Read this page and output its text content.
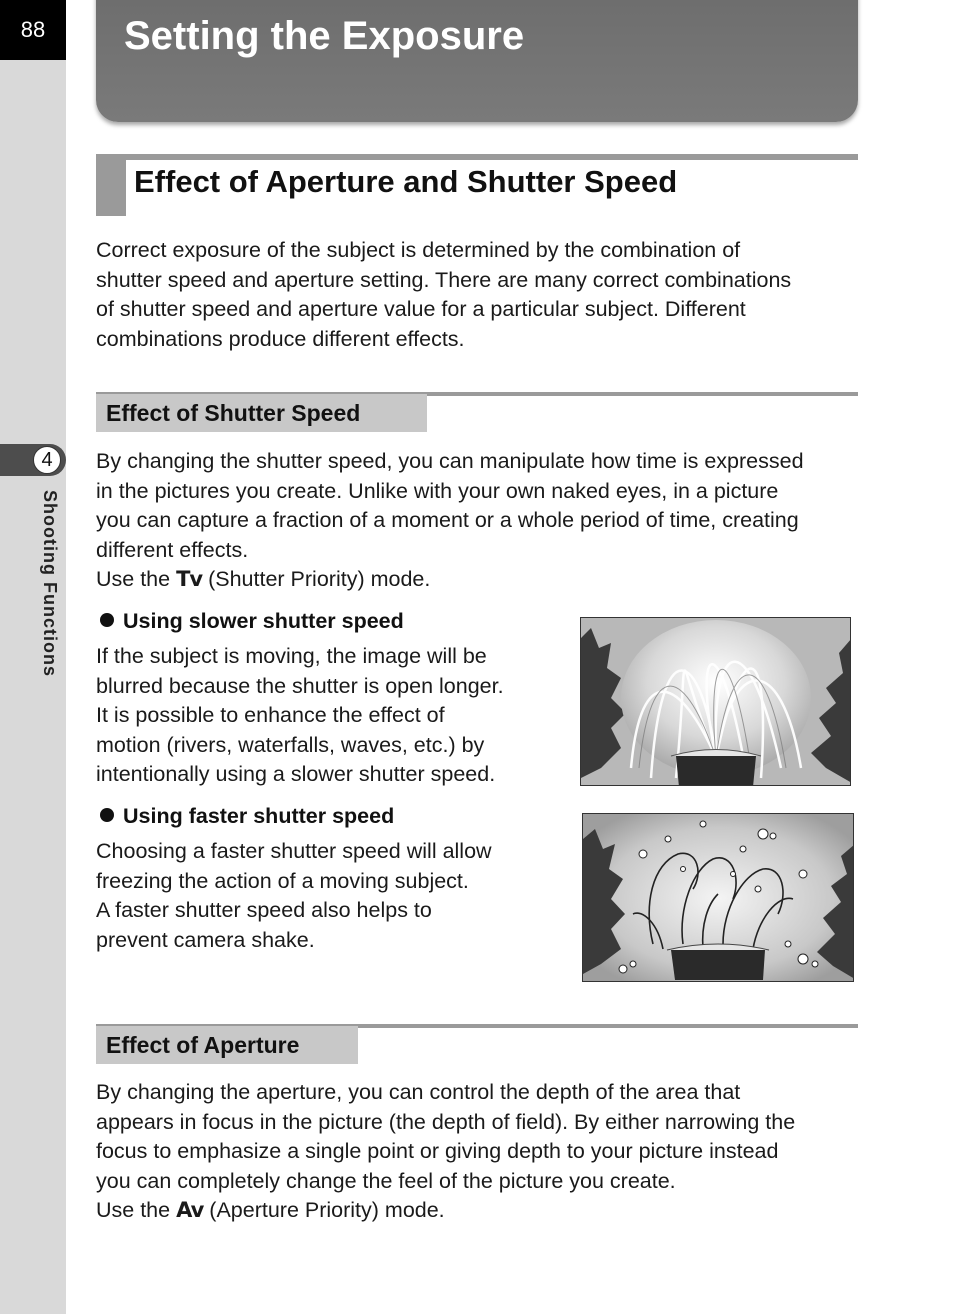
88
4
Shooting Functions
Setting the Exposure
Effect of Aperture and Shutter Speed

Correct exposure of the subject is determined by the combination of
shutter speed and aperture setting. There are many correct combinations
of shutter speed and aperture value for a particular subject. Different
combinations produce different effects.

Effect of Shutter Speed

By changing the shutter speed, you can manipulate how time is expressed
in the pictures you create. Unlike with your own naked eyes, in a picture
you can capture a fraction of a moment or a whole period of time, creating
different effects.
Use the Tv (Shutter Priority) mode.

Using slower shutter speed

If the subject is moving, the image will be
blurred because the shutter is open longer.
It is possible to enhance the effect of
motion (rivers, waterfalls, waves, etc.) by
intentionally using a slower shutter speed.

Using faster shutter speed

Choosing a faster shutter speed will allow
freezing the action of a moving subject.
A faster shutter speed also helps to
prevent camera shake.

Effect of Aperture

By changing the aperture, you can control the depth of the area that
appears in focus in the picture (the depth of field). By either narrowing the
focus to emphasize a single point or giving depth to your picture instead
you can completely change the feel of the picture you create.
Use the Av (Aperture Priority) mode.
